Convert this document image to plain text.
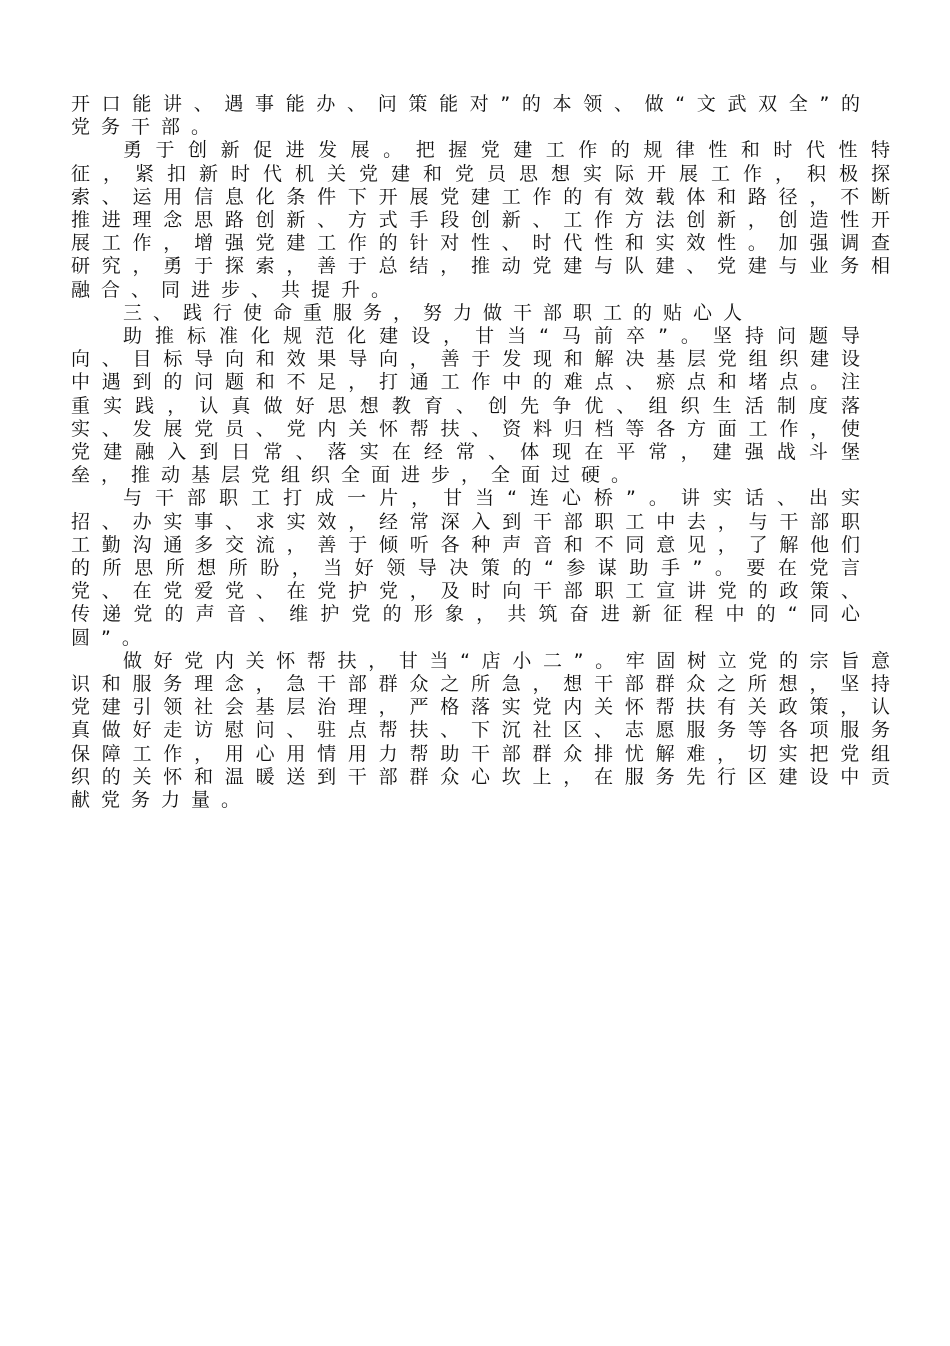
开口能讲、遇事能办、问策能对”的本领、做“文武双全”的党务干部。

勇于创新促进发展。把握党建工作的规律性和时代性特征，紧扣新时代机关党建和党员思想实际开展工作，积极探索、运用信息化条件下开展党建工作的有效载体和路径，不断推进理念思路创新、方式手段创新、工作方法创新，创造性开展工作，增强党建工作的针对性、时代性和实效性。加强调查研究，勇于探索，善于总结，推动党建与队建、党建与业务相融合、同进步、共提升。

三、践行使命重服务，努力做干部职工的贴心人

助推标准化规范化建设，甘当“马前卒”。坚持问题导向、目标导向和效果导向，善于发现和解决基层党组织建设中遇到的问题和不足，打通工作中的难点、瘀点和堵点。注重实践，认真做好思想教育、创先争优、组织生活制度落实、发展党员、党内关怀帮扶、资料归档等各方面工作，使党建融入到日常、落实在经常、体现在平常，建强战斗堡垒，推动基层党组织全面进步，全面过硬。

与干部职工打成一片，甘当“连心桥”。讲实话、出实招、办实事、求实效，经常深入到干部职工中去，与干部职工勤沟通多交流，善于倾听各种声音和不同意见，了解他们的所思所想所盼，当好领导决策的“参谋助手”。要在党言党、在党爱党、在党护党，及时向干部职工宣讲党的政策、传递党的声音、维护党的形象，共筑奋进新征程中的“同心圆”。

做好党内关怀帮扶，甘当“店小二”。牢固树立党的宗旨意识和服务理念，急干部群众之所急，想干部群众之所想，坚持党建引领社会基层治理，严格落实党内关怀帮扶有关政策，认真做好走访慰问、驻点帮扶、下沉社区、志愿服务等各项服务保障工作，用心用情用力帮助干部群众排忧解难，切实把党组织的关怀和温暖送到干部群众心坎上，在服务先行区建设中贡献党务力量。
